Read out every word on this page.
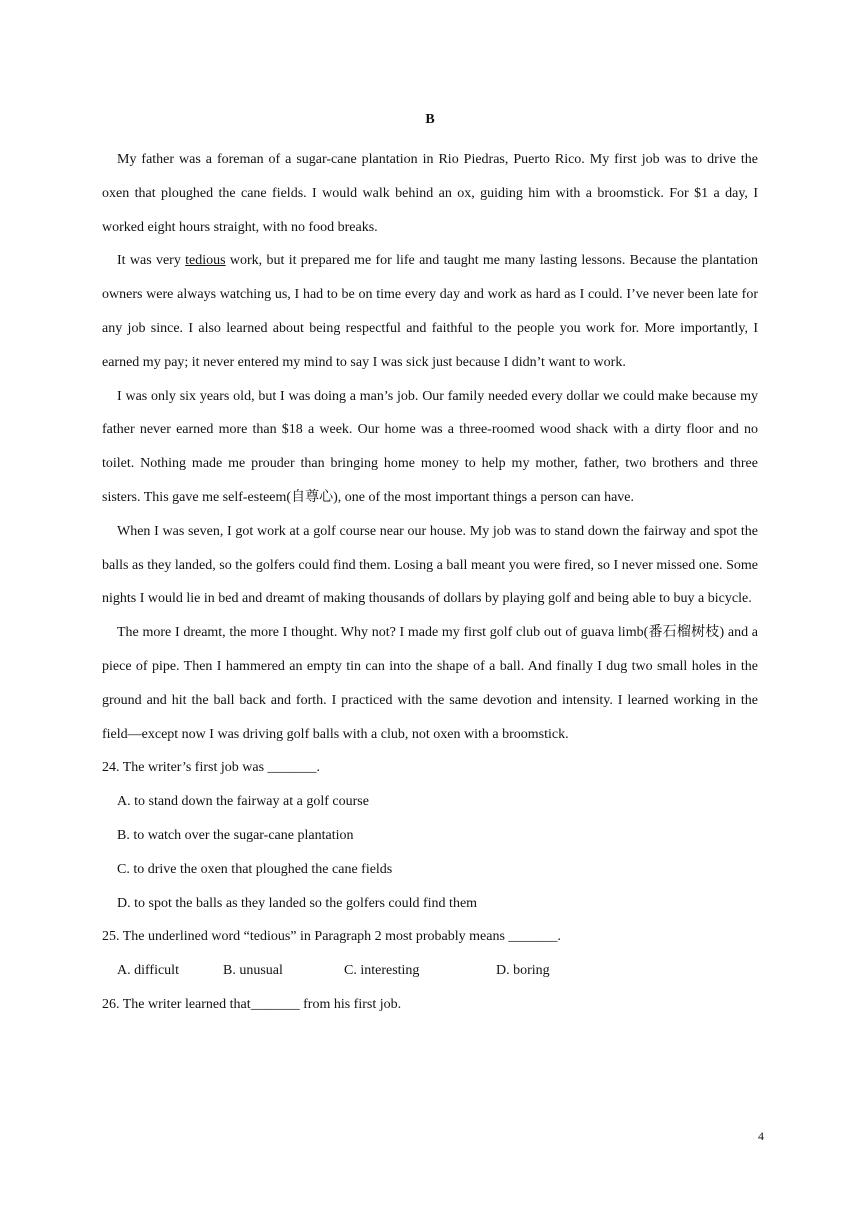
B

My father was a foreman of a sugar-cane plantation in Rio Piedras, Puerto Rico. My first job was to drive the oxen that ploughed the cane fields. I would walk behind an ox, guiding him with a broomstick. For $1 a day, I worked eight hours straight, with no food breaks.

It was very tedious work, but it prepared me for life and taught me many lasting lessons. Because the plantation owners were always watching us, I had to be on time every day and work as hard as I could. I’ve never been late for any job since. I also learned about being respectful and faithful to the people you work for. More importantly, I earned my pay; it never entered my mind to say I was sick just because I didn’t want to work.

I was only six years old, but I was doing a man’s job. Our family needed every dollar we could make because my father never earned more than $18 a week. Our home was a three-roomed wood shack with a dirty floor and no toilet. Nothing made me prouder than bringing home money to help my mother, father, two brothers and three sisters. This gave me self-esteem(自尊心), one of the most important things a person can have.

When I was seven, I got work at a golf course near our house. My job was to stand down the fairway and spot the balls as they landed, so the golfers could find them. Losing a ball meant you were fired, so I never missed one. Some nights I would lie in bed and dreamt of making thousands of dollars by playing golf and being able to buy a bicycle.

The more I dreamt, the more I thought. Why not? I made my first golf club out of guava limb(番石榴树枝) and a piece of pipe. Then I hammered an empty tin can into the shape of a ball. And finally I dug two small holes in the ground and hit the ball back and forth. I practiced with the same devotion and intensity. I learned working in the field—except now I was driving golf balls with a club, not oxen with a broomstick.

24. The writer’s first job was _______.

A. to stand down the fairway at a golf course

B. to watch over the sugar-cane plantation

C. to drive the oxen that ploughed the cane fields

D. to spot the balls as they landed so the golfers could find them

25. The underlined word “tedious” in Paragraph 2 most probably means _______.

A. difficult	B. unusual	C. interesting	D. boring

26. The writer learned that_______ from his first job.

4
